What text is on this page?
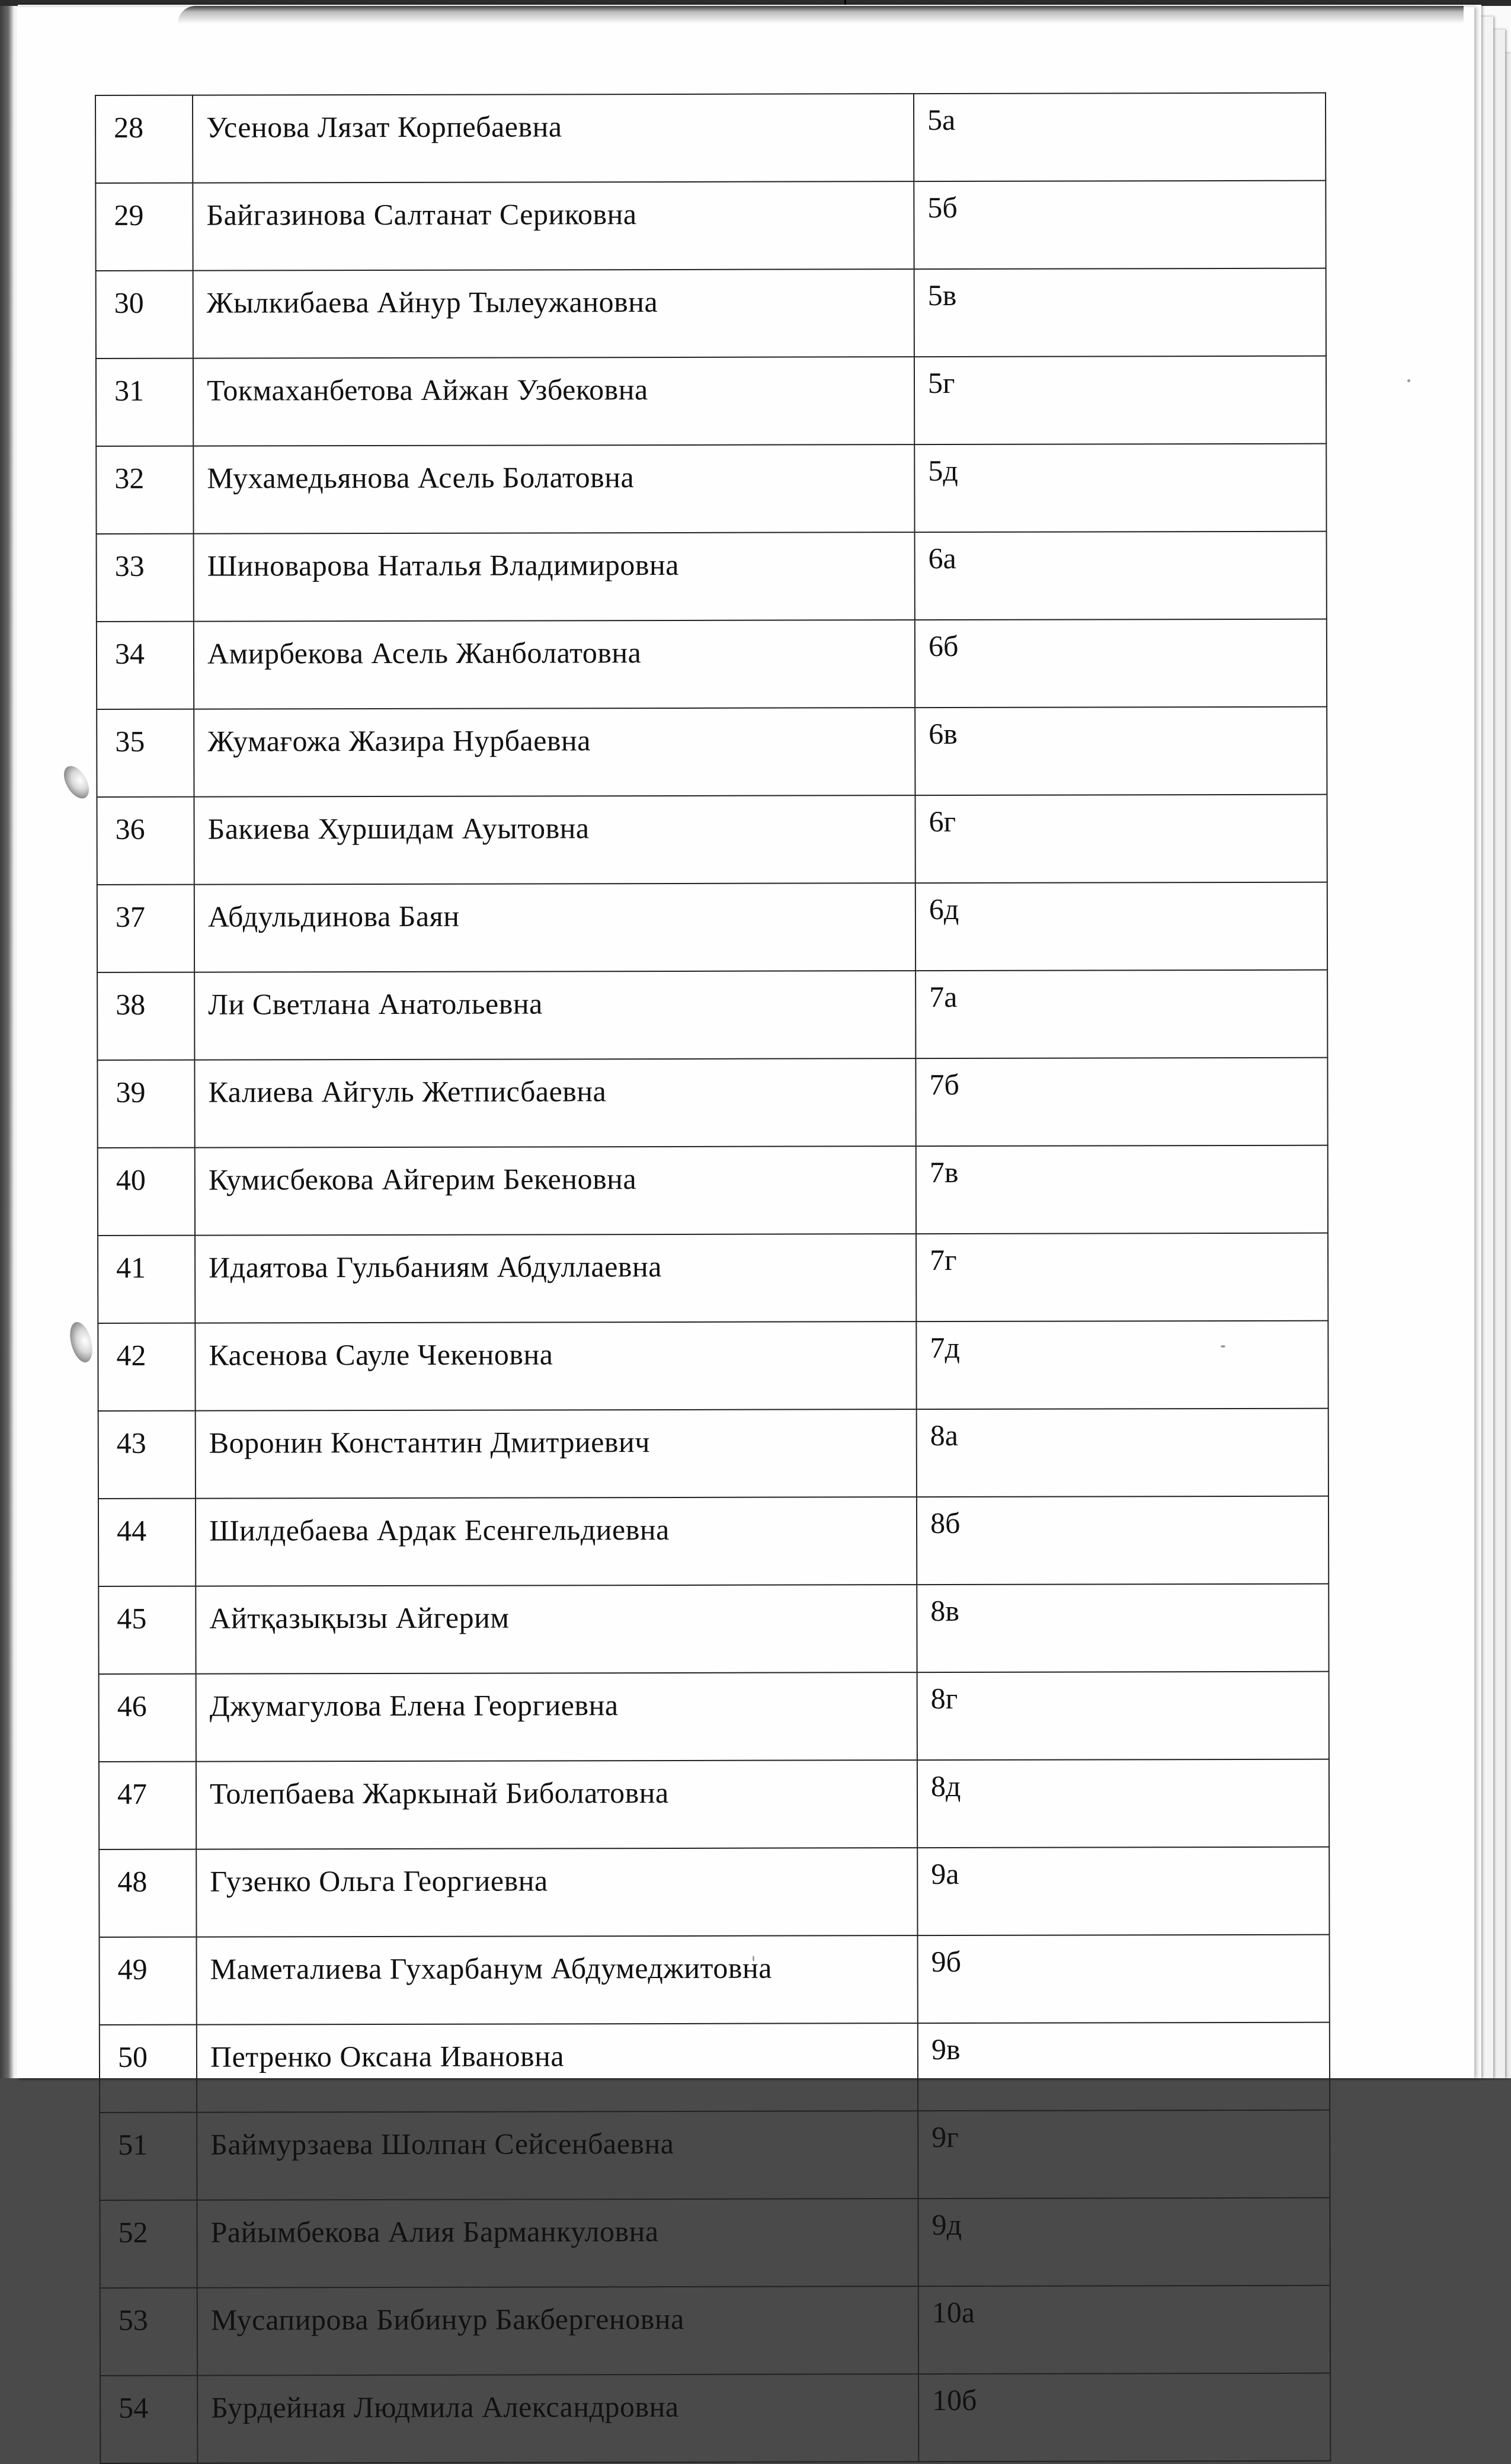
28	Усенова Лязат Корпебаевна	5а
29	Байгазинова Салтанат Сериковна	5б
30	Жылкибаева Айнур Тылеужановна	5в
31	Токмаханбетова Айжан Узбековна	5г
32	Мухамедьянова Асель Болатовна	5д
33	Шиноварова Наталья Владимировна	6а
34	Амирбекова Асель Жанболатовна	6б
35	Жумағожа Жазира Нурбаевна	6в
36	Бакиева Хуршидам Ауытовна	6г
37	Абдульдинова Баян	6д
38	Ли Светлана Анатольевна	7а
39	Калиева Айгуль Жетписбаевна	7б
40	Кумисбекова Айгерим Бекеновна	7в
41	Идаятова Гульбаниям Абдуллаевна	7г
42	Касенова Сауле Чекеновна	7д
43	Воронин Константин Дмитриевич	8а
44	Шилдебаева Ардак Есенгельдиевна	8б
45	Айтқазықызы Айгерим	8в
46	Джумагулова Елена Георгиевна	8г
47	Толепбаева Жаркынай Биболатовна	8д
48	Гузенко Ольга Георгиевна	9а
49	Маметалиева Гухарбанум Абдумеджитовна	9б
50	Петренко Оксана Ивановна	9в
51	Баймурзаева Шолпан Сейсенбаевна	9г
52	Райымбекова Алия Барманкуловна	9д
53	Мусапирова Бибинур Бакбергеновна	10а
54	Бурдейная Людмила Александровна	10б
